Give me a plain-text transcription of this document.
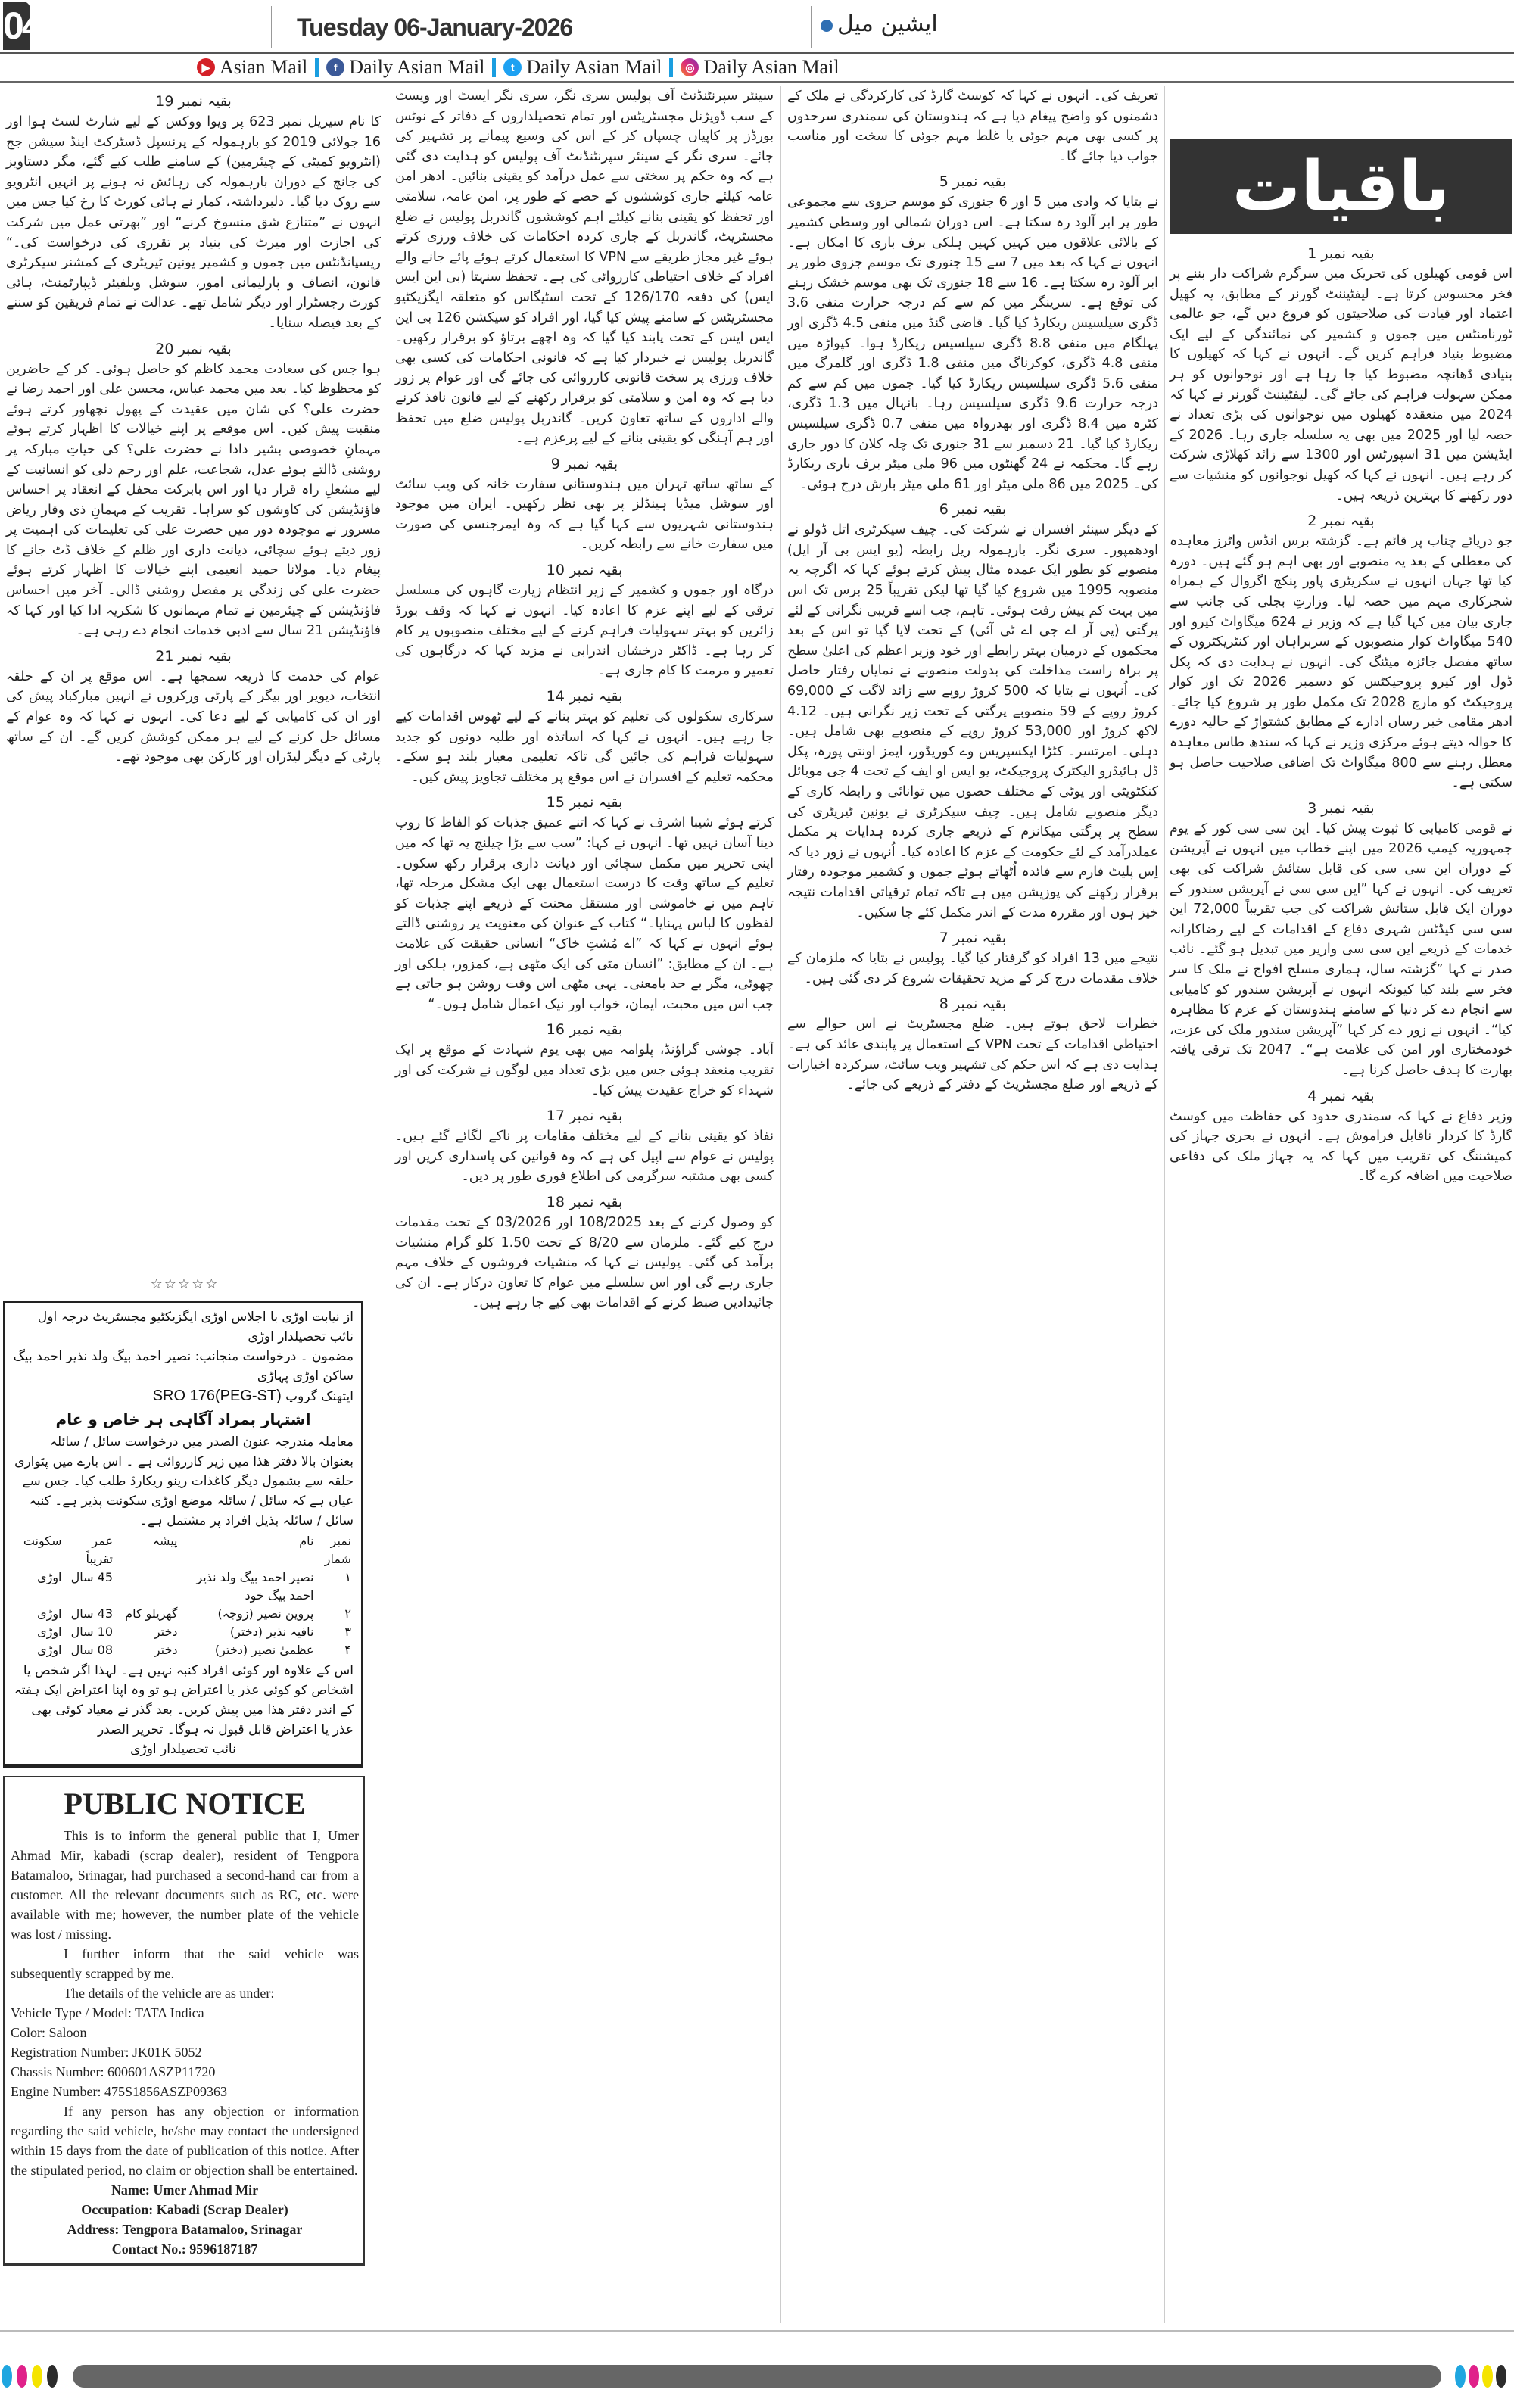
04	Tuesday 06-January-2026	ایشین میل
▶ Asian Mail	f Daily Asian Mail	t Daily Asian Mail	◎ Daily Asian Mail
باقیات
بقیہ نمبر 1

اس قومی کھیلوں کی تحریک میں سرگرم شراکت دار بننے پر فخر محسوس کرتا ہے۔ لیفٹیننٹ گورنر کے مطابق، یہ کھیل اعتماد اور قیادت کی صلاحیتوں کو فروغ دیں گے، جو عالمی ٹورنامنٹس میں جموں و کشمیر کی نمائندگی کے لیے ایک مضبوط بنیاد فراہم کریں گے۔ انہوں نے کہا کہ کھیلوں کا بنیادی ڈھانچہ مضبوط کیا جا رہا ہے اور نوجوانوں کو ہر ممکن سہولت فراہم کی جائے گی۔ لیفٹیننٹ گورنر نے کہا کہ 2024 میں منعقدہ کھیلوں میں نوجوانوں کی بڑی تعداد نے حصہ لیا اور 2025 میں بھی یہ سلسلہ جاری رہا۔ 2026 کے ایڈیشن میں 31 اسپورٹس اور 1300 سے زائد کھلاڑی شرکت کر رہے ہیں۔ انہوں نے کہا کہ کھیل نوجوانوں کو منشیات سے دور رکھنے کا بہترین ذریعہ ہیں۔

بقیہ نمبر 2

جو دریائے چناب پر قائم ہے۔ گزشتہ برس انڈس واٹرز معاہدہ کی معطلی کے بعد یہ منصوبے اور بھی اہم ہو گئے ہیں۔ دورہ کیا تھا جہاں انہوں نے سکریٹری پاور پنکج اگروال کے ہمراہ شجرکاری مہم میں حصہ لیا۔ وزارتِ بجلی کی جانب سے جاری بیان میں کہا گیا ہے کہ وزیر نے 624 میگاواٹ کیرو اور 540 میگاواٹ کوار منصوبوں کے سربراہان اور کنٹریکٹروں کے ساتھ مفصل جائزہ میٹنگ کی۔ انہوں نے ہدایت دی کہ پکل ڈول اور کیرو پروجیکٹس کو دسمبر 2026 تک اور کوار پروجیکٹ کو مارچ 2028 تک مکمل طور پر شروع کیا جائے۔ ادھر مقامی خبر رساں ادارے کے مطابق کشتواڑ کے حالیہ دورے کا حوالہ دیتے ہوئے مرکزی وزیر نے کہا کہ سندھ طاس معاہدہ معطل رہنے سے 800 میگاواٹ تک اضافی صلاحیت حاصل ہو سکتی ہے۔

بقیہ نمبر 3

نے قومی کامیابی کا ثبوت پیش کیا۔ این سی سی کور کے یوم جمہوریہ کیمپ 2026 میں اپنے خطاب میں انہوں نے آپریشن کے دوران این سی سی کی قابل ستائش شراکت کی بھی تعریف کی۔ انہوں نے کہا ”این سی سی نے آپریشن سندور کے دوران ایک قابل ستائش شراکت کی جب تقریباً 72,000 این سی سی کیڈٹس شہری دفاع کے اقدامات کے لیے رضاکارانہ خدمات کے ذریعے این سی سی واریر میں تبدیل ہو گئے۔ نائب صدر نے کہا ”گزشتہ سال، ہماری مسلح افواج نے ملک کا سر فخر سے بلند کیا کیونکہ انہوں نے آپریشن سندور کو کامیابی سے انجام دے کر دنیا کے سامنے ہندوستان کے عزم کا مظاہرہ کیا“۔ انہوں نے زور دے کر کہا ”آپریشن سندور ملک کی عزت، خودمختاری اور امن کی علامت ہے“۔ 2047 تک ترقی یافتہ بھارت کا ہدف حاصل کرنا ہے۔

بقیہ نمبر 4

وزیر دفاع نے کہا کہ سمندری حدود کی حفاظت میں کوسٹ گارڈ کا کردار ناقابل فراموش ہے۔ انہوں نے بحری جہاز کی کمیشننگ کی تقریب میں کہا کہ یہ جہاز ملک کی دفاعی صلاحیت میں اضافہ کرے گا۔

تعریف کی۔ انہوں نے کہا کہ کوسٹ گارڈ کی کارکردگی نے ملک کے دشمنوں کو واضح پیغام دیا ہے کہ ہندوستان کی سمندری سرحدوں پر کسی بھی مہم جوئی یا غلط مہم جوئی کا سخت اور مناسب جواب دیا جائے گا۔

بقیہ نمبر 5

نے بتایا کہ وادی میں 5 اور 6 جنوری کو موسم جزوی سے مجموعی طور پر ابر آلود رہ سکتا ہے۔ اس دوران شمالی اور وسطی کشمیر کے بالائی علاقوں میں کہیں کہیں ہلکی برف باری کا امکان ہے۔ انہوں نے کہا کہ بعد میں 7 سے 15 جنوری تک موسم جزوی طور پر ابر آلود رہ سکتا ہے۔ 16 سے 18 جنوری تک بھی موسم خشک رہنے کی توقع ہے۔ سرینگر میں کم سے کم درجہ حرارت منفی 3.6 ڈگری سیلسیس ریکارڈ کیا گیا۔ قاضی گنڈ میں منفی 4.5 ڈگری اور پہلگام میں منفی 8.8 ڈگری سیلسیس ریکارڈ ہوا۔ کپواڑہ میں منفی 4.8 ڈگری، کوکرناگ میں منفی 1.8 ڈگری اور گلمرگ میں منفی 5.6 ڈگری سیلسیس ریکارڈ کیا گیا۔ جموں میں کم سے کم درجہ حرارت 9.6 ڈگری سیلسیس رہا۔ بانہال میں 1.3 ڈگری، کٹرہ میں 8.4 ڈگری اور بھدرواہ میں منفی 0.7 ڈگری سیلسیس ریکارڈ کیا گیا۔ 21 دسمبر سے 31 جنوری تک چلہ کلان کا دور جاری رہے گا۔ محکمہ نے 24 گھنٹوں میں 96 ملی میٹر برف باری ریکارڈ کی۔ 2025 میں 86 ملی میٹر اور 61 ملی میٹر بارش درج ہوئی۔

بقیہ نمبر 6

کے دیگر سینئر افسران نے شرکت کی۔ چیف سیکرٹری اتل ڈولو نے اودھمپور۔ سری نگر۔ بارہمولہ ریل رابطہ (یو ایس بی آر ایل) منصوبے کو بطور ایک عمدہ مثال پیش کرتے ہوئے کہا کہ اگرچہ یہ منصوبہ 1995 میں شروع کیا گیا تھا لیکن تقریباً 25 برس تک اس میں بہت کم پیش رفت ہوئی۔ تاہم، جب اسے قریبی نگرانی کے لئے پرگتی (پی آر اے جی اے ٹی آئی) کے تحت لایا گیا تو اس کے بعد محکموں کے درمیان بہتر رابطے اور خود وزیر اعظم کی اعلیٰ سطح پر براہ راست مداخلت کی بدولت منصوبے نے نمایاں رفتار حاصل کی۔ اُنہوں نے بتایا کہ 500 کروڑ روپے سے زائد لاگت کے 69,000 کروڑ روپے کے 59 منصوبے پرگتی کے تحت زیر نگرانی ہیں۔ 4.12 لاکھ کروڑ اور 53,000 کروڑ روپے کے منصوبے بھی شامل ہیں۔ دہلی۔ امرتسر۔ کٹڑا ایکسپریس وے کوریڈور، ایمز اونتی پورہ، پکل ڈل ہائیڈرو الیکٹرک پروجیکٹ، یو ایس او ایف کے تحت 4 جی موبائل کنکٹویٹی اور یوٹی کے مختلف حصوں میں توانائی و رابطہ کاری کے دیگر منصوبے شامل ہیں۔ چیف سیکرٹری نے یونین ٹیریٹری کی سطح پر پرگتی میکانزم کے ذریعے جاری کردہ ہدایات پر مکمل عملدرآمد کے لئے حکومت کے عزم کا اعادہ کیا۔ اُنہوں نے زور دیا کہ اِس پلیٹ فارم سے فائدہ اُٹھاتے ہوئے جموں و کشمیر موجودہ رفتار برقرار رکھنے کی پوزیشن میں ہے تاکہ تمام ترقیاتی اقدامات نتیجہ خیز ہوں اور مقررہ مدت کے اندر مکمل کئے جا سکیں۔

بقیہ نمبر 7

نتیجے میں 13 افراد کو گرفتار کیا گیا۔ پولیس نے بتایا کہ ملزمان کے خلاف مقدمات درج کر کے مزید تحقیقات شروع کر دی گئی ہیں۔

بقیہ نمبر 8

خطرات لاحق ہوتے ہیں۔ ضلع مجسٹریٹ نے اس حوالے سے احتیاطی اقدامات کے تحت VPN کے استعمال پر پابندی عائد کی ہے۔ ہدایت دی ہے کہ اس حکم کی تشہیر ویب سائٹ، سرکردہ اخبارات کے ذریعے اور ضلع مجسٹریٹ کے دفتر کے ذریعے کی جائے۔

سینئر سپرنٹنڈنٹ آف پولیس سری نگر، سری نگر ایسٹ اور ویسٹ کے سب ڈویژنل مجسٹریٹس اور تمام تحصیلداروں کے دفاتر کے نوٹس بورڈز پر کاپیاں چسپاں کر کے اس کی وسیع پیمانے پر تشہیر کی جائے۔ سری نگر کے سینئر سپرنٹنڈنٹ آف پولیس کو ہدایت دی گئی ہے کہ وہ حکم پر سختی سے عمل درآمد کو یقینی بنائیں۔ ادھر امن عامہ کیلئے جاری کوششوں کے حصے کے طور پر، امن عامہ، سلامتی اور تحفظ کو یقینی بنانے کیلئے اہم کوششوں گاندربل پولیس نے ضلع مجسٹریٹ، گاندربل کے جاری کردہ احکامات کی خلاف ورزی کرتے ہوئے غیر مجاز طریقے سے VPN کا استعمال کرتے ہوئے پائے جانے والے افراد کے خلاف احتیاطی کارروائی کی ہے۔ تحفظ سنہتا (بی این ایس ایس) کی دفعہ 126/170 کے تحت اسٹیگاس کو متعلقہ ایگزیکٹیو مجسٹریٹس کے سامنے پیش کیا گیا، اور افراد کو سیکشن 126 بی این ایس ایس کے تحت پابند کیا گیا کہ وہ اچھے برتاؤ کو برقرار رکھیں۔ گاندربل پولیس نے خبردار کیا ہے کہ قانونی احکامات کی کسی بھی خلاف ورزی پر سخت قانونی کارروائی کی جائے گی اور عوام پر زور دیا ہے کہ وہ امن و سلامتی کو برقرار رکھنے کے لیے قانون نافذ کرنے والے اداروں کے ساتھ تعاون کریں۔ گاندربل پولیس ضلع میں تحفظ اور ہم آہنگی کو یقینی بنانے کے لیے پرعزم ہے۔

بقیہ نمبر 9

کے ساتھ ساتھ تہران میں ہندوستانی سفارت خانہ کی ویب سائٹ اور سوشل میڈیا ہینڈلز پر بھی نظر رکھیں۔ ایران میں موجود ہندوستانی شہریوں سے کہا گیا ہے کہ وہ ایمرجنسی کی صورت میں سفارت خانے سے رابطہ کریں۔

بقیہ نمبر 10

درگاہ اور جموں و کشمیر کے زیر انتظام زیارت گاہوں کی مسلسل ترقی کے لیے اپنے عزم کا اعادہ کیا۔ انہوں نے کہا کہ وقف بورڈ زائرین کو بہتر سہولیات فراہم کرنے کے لیے مختلف منصوبوں پر کام کر رہا ہے۔ ڈاکٹر درخشاں اندرابی نے مزید کہا کہ درگاہوں کی تعمیر و مرمت کا کام جاری ہے۔

بقیہ نمبر 14

سرکاری سکولوں کی تعلیم کو بہتر بنانے کے لیے ٹھوس اقدامات کیے جا رہے ہیں۔ انہوں نے کہا کہ اساتذہ اور طلبہ دونوں کو جدید سہولیات فراہم کی جائیں گی تاکہ تعلیمی معیار بلند ہو سکے۔ محکمہ تعلیم کے افسران نے اس موقع پر مختلف تجاویز پیش کیں۔

بقیہ نمبر 15

کرتے ہوئے شیبا اشرف نے کہا کہ اتنے عمیق جذبات کو الفاظ کا روپ دینا آسان نہیں تھا۔ انہوں نے کہا: ”سب سے بڑا چیلنج یہ تھا کہ میں اپنی تحریر میں مکمل سچائی اور دیانت داری برقرار رکھ سکوں۔ تعلیم کے ساتھ وقت کا درست استعمال بھی ایک مشکل مرحلہ تھا، تاہم میں نے خاموشی اور مستقل محنت کے ذریعے اپنے جذبات کو لفظوں کا لباس پہنایا۔“ کتاب کے عنوان کی معنویت پر روشنی ڈالتے ہوئے انہوں نے کہا کہ ”اے مُشتِ خاک“ انسانی حقیقت کی علامت ہے۔ ان کے مطابق: ”انسان مٹی کی ایک مٹھی ہے، کمزور، ہلکی اور چھوٹی، مگر بے حد بامعنی۔ یہی مٹھی اس وقت روشن ہو جاتی ہے جب اس میں محبت، ایمان، خواب اور نیک اعمال شامل ہوں۔“

بقیہ نمبر 16

آباد۔ جوشی گراؤنڈ، پلوامہ میں بھی یوم شہادت کے موقع پر ایک تقریب منعقد ہوئی جس میں بڑی تعداد میں لوگوں نے شرکت کی اور شہداء کو خراج عقیدت پیش کیا۔

بقیہ نمبر 17

نفاذ کو یقینی بنانے کے لیے مختلف مقامات پر ناکے لگائے گئے ہیں۔ پولیس نے عوام سے اپیل کی ہے کہ وہ قوانین کی پاسداری کریں اور کسی بھی مشتبہ سرگرمی کی اطلاع فوری طور پر دیں۔

بقیہ نمبر 18

کو وصول کرنے کے بعد 108/2025 اور 03/2026 کے تحت مقدمات درج کیے گئے۔ ملزمان سے 8/20 کے تحت 1.50 کلو گرام منشیات برآمد کی گئی۔ پولیس نے کہا کہ منشیات فروشوں کے خلاف مہم جاری رہے گی اور اس سلسلے میں عوام کا تعاون درکار ہے۔ ان کی جائیدادیں ضبط کرنے کے اقدامات بھی کیے جا رہے ہیں۔

بقیہ نمبر 19

کا نام سیریل نمبر 623 پر ویوا ووکس کے لیے شارٹ لسٹ ہوا اور 16 جولائی 2019 کو بارہمولہ کے پرنسپل ڈسٹرکٹ اینڈ سیشن جج (انٹرویو کمیٹی کے چیئرمین) کے سامنے طلب کیے گئے، مگر دستاویز کی جانچ کے دوران بارہمولہ کی رہائش نہ ہونے پر انہیں انٹرویو سے روک دیا گیا۔ دلبرداشتہ، کمار نے ہائی کورٹ کا رخ کیا جس میں انہوں نے ”متنازع شق منسوخ کرنے“ اور ”بھرتی عمل میں شرکت کی اجازت اور میرٹ کی بنیاد پر تقرری کی درخواست کی۔“ ریسپانڈنٹس میں جموں و کشمیر یونین ٹیریٹری کے کمشنر سیکرٹری قانون، انصاف و پارلیمانی امور، سوشل ویلفیئر ڈیپارٹمنٹ، ہائی کورٹ رجسٹرار اور دیگر شامل تھے۔ عدالت نے تمام فریقین کو سننے کے بعد فیصلہ سنایا۔

بقیہ نمبر 20

ہوا جس کی سعادت محمد کاظم کو حاصل ہوئی۔ کر کے حاضرین کو محظوظ کیا۔ بعد میں محمد عباس، محسن علی اور احمد رضا نے حضرت علی؟ کی شان میں عقیدت کے پھول نچھاور کرتے ہوئے منقبت پیش کیں۔ اس موقعے پر اپنے خیالات کا اظہار کرتے ہوئے مہمانِ خصوصی بشیر دادا نے حضرت علی؟ کی حیاتِ مبارکہ پر روشنی ڈالتے ہوئے عدل، شجاعت، علم اور رحم دلی کو انسانیت کے لیے مشعلِ راہ قرار دیا اور اس بابرکت محفل کے انعقاد پر احساس فاؤنڈیشن کی کاوشوں کو سراہا۔ تقریب کے مہمانِ ذی وقار ریاض مسرور نے موجودہ دور میں حضرت علی کی تعلیمات کی اہمیت پر زور دیتے ہوئے سچائی، دیانت داری اور ظلم کے خلاف ڈٹ جانے کا پیغام دیا۔ مولانا حمید انعیمی اپنے خیالات کا اظہار کرتے ہوئے حضرت علی کی زندگی پر مفصل روشنی ڈالی۔ آخر میں احساس فاؤنڈیشن کے چیئرمین نے تمام مہمانوں کا شکریہ ادا کیا اور کہا کہ فاؤنڈیشن 21 سال سے ادبی خدمات انجام دے رہی ہے۔

بقیہ نمبر 21

عوام کی خدمت کا ذریعہ سمجھا ہے۔ اس موقع پر ان کے حلقہ انتخاب، دیویر اور بیگر کے پارٹی ورکروں نے انہیں مبارکباد پیش کی اور ان کی کامیابی کے لیے دعا کی۔ انہوں نے کہا کہ وہ عوام کے مسائل حل کرنے کے لیے ہر ممکن کوشش کریں گے۔ ان کے ساتھ پارٹی کے دیگر لیڈران اور کارکن بھی موجود تھے۔

☆☆☆☆☆
از نیابت اوڑی با اجلاس اوڑی ایگزیکٹیو مجسٹریٹ درجہ اول نائب تحصیلدار اوڑی
مضمون ۔ درخواست منجانب: نصیر احمد بیگ ولد نذیر احمد بیگ ساکن اوڑی پہاڑی
ایتھنک گروپ SRO 176(PEG-ST)
اشتہار بمراد آگاہی ہر خاص و عام
معاملہ مندرجہ عنون الصدر میں درخواست سائل / سائلہ بعنوان بالا دفتر ھذا میں زیر کارروائی ہے ۔ اس بارے میں پٹواری حلقہ سے بشمول دیگر کاغذات رینو ریکارڈ طلب کیا۔ جس سے عیاں ہے کہ سائل / سائلہ موضع اوڑی سکونت پذیر ہے۔ کنبہ سائل / سائلہ بذیل افراد پر مشتمل ہے۔
نمبر شمار	نام	پیشہ	عمر تقریباً	سکونت
۱	نصیر احمد بیگ ولد نذیر احمد بیگ خود		45 سال	اوڑی
۲	پروین نصیر (زوجہ)	گھریلو کام	43 سال	اوڑی
۳	نافیہ نذیر (دختر)	دختر	10 سال	اوڑی
۴	عظمیٰ نصیر (دختر)	دختر	08 سال	اوڑی
اس کے علاوہ اور کوئی افراد کنبہ نہیں ہے۔ لہذا اگر شخص یا اشخاص کو کوئی عذر یا اعتراض ہو تو وہ اپنا اعتراض ایک ہفتہ کے اندر دفتر ھذا میں پیش کریں۔ بعد گذر نے معیاد کوئی بھی عذر یا اعتراض قابل قبول نہ ہوگا۔ تحریر الصدر
نائب تحصیلدار اوڑی
PUBLIC NOTICE

This is to inform the general public that I, Umer Ahmad Mir, kabadi (scrap dealer), resident of Tengpora Batamaloo, Srinagar, had purchased a second-hand car from a customer. All the relevant documents such as RC, etc. were available with me; however, the number plate of the vehicle was lost / missing.

I further inform that the said vehicle was subsequently scrapped by me.

The details of the vehicle are as under:

Vehicle Type / Model: TATA Indica

Color: Saloon

Registration Number: JK01K 5052

Chassis Number: 600601ASZP11720

Engine Number: 475S1856ASZP09363

If any person has any objection or information regarding the said vehicle, he/she may contact the undersigned within 15 days from the date of publication of this notice. After the stipulated period, no claim or objection shall be entertained.

Name: Umer Ahmad Mir

Occupation: Kabadi (Scrap Dealer)

Address: Tengpora Batamaloo, Srinagar

Contact No.: 9596187187
